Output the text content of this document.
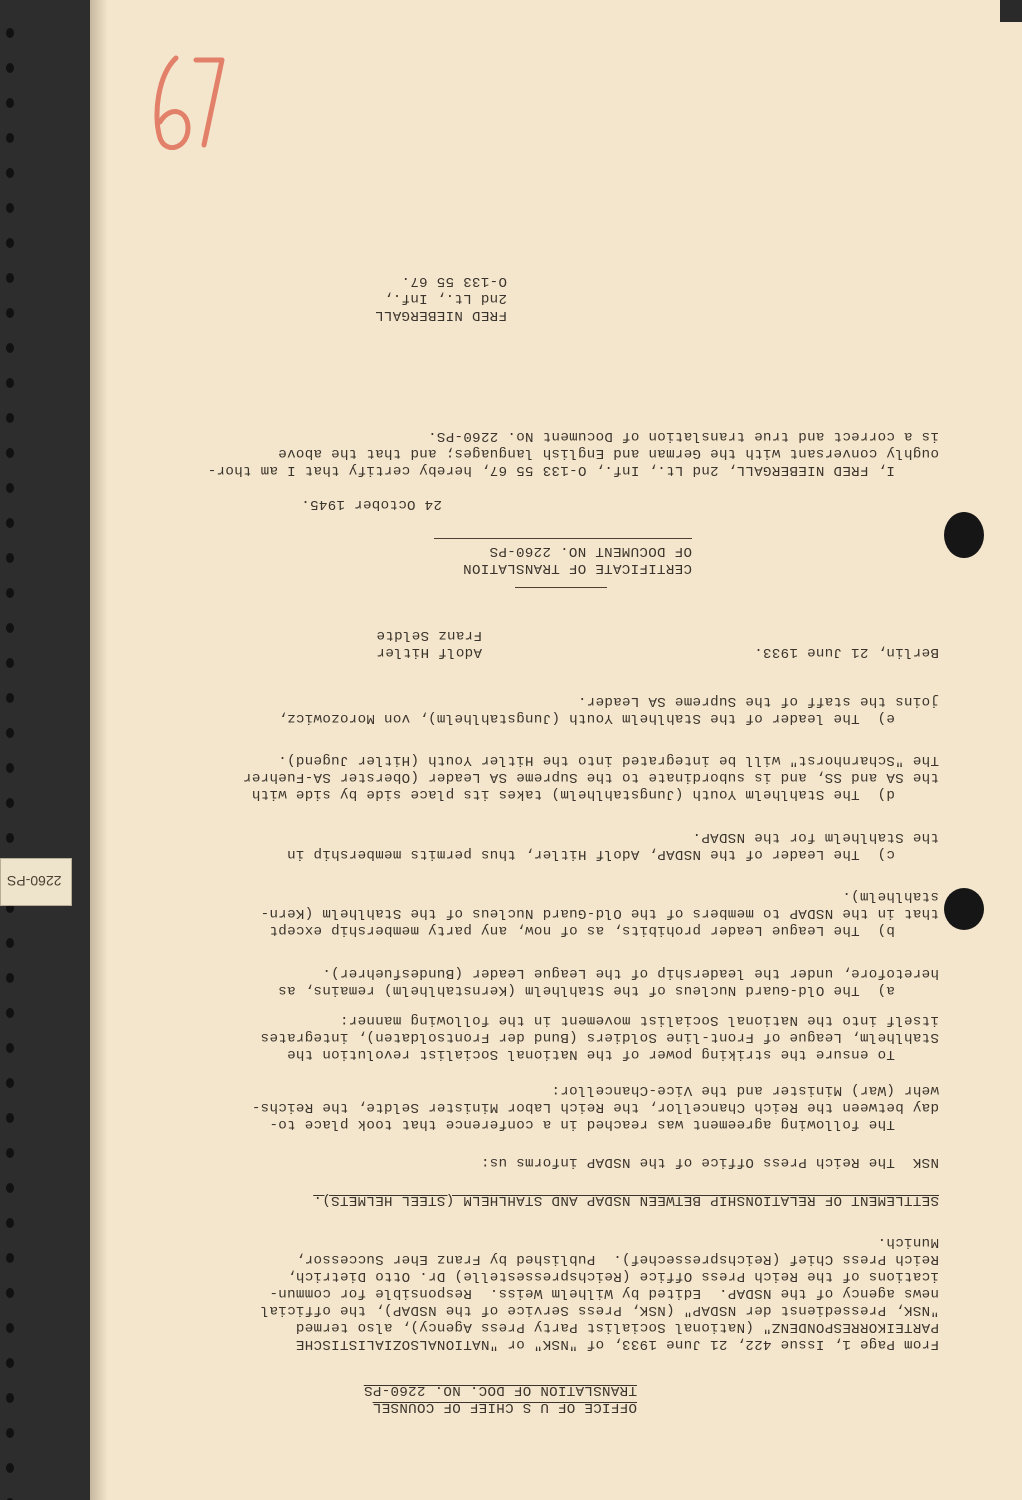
2260-PS
OFFICE OF U S CHIEF OF COUNSEL
TRANSLATION OF DOC. NO. 2260-PS
From Page 1, Issue 422, 21 June 1933, of "NSK" or "NATIONALSOZIALISTISCHE
PARTEIKORRESPONDENZ" (National Socialist Party Press Agency), also termed
"NSK, Pressedienst der NSDAP" (NSK, Press Service of the NSDAP), the official
news agency of the NSDAP.  Edited by Wilhelm Weiss.  Responsible for commun-
ications of the Reich Press Office (Reichspressestelle) Dr. Otto Dietrich,
Reich Press Chief (Reichspressechef).  Published by Franz Eher Successor,
Munich.
SETTLEMENT OF RELATIONSHIP BETWEEN NSDAP AND STAHLHELM (STEEL HELMETS).
NSK  The Reich Press Office of the NSDAP informs us:
The following agreement was reached in a conference that took place to-
day between the Reich Chancellor, the Reich Labor Minister Seldte, the Reichs-
wehr (War) Minister and the Vice-Chancellor:
To ensure the striking power of the National Socialist revolution the
Stahlhelm, League of Front-line Soldiers (Bund der Frontsoldaten), integrates
itself into the National Socialist movement in the following manner:
a)  The Old-Guard Nucleus of the Stahlhelm (Kernstahlhelm) remains, as
heretofore, under the leadership of the League Leader (Bundesfuehrer).
b)  The League Leader prohibits, as of now, any party membership except
that in the NSDAP to members of the Old-Guard Nucleus of the Stahlhelm (Kern-
stahlhelm).
c)  The Leader of the NSDAP, Adolf Hitler, thus permits membership in
the Stahlhelm for the NSDAP.
d)  The Stahlhelm Youth (Jungstahlhelm) takes its place side by side with
the SA and SS, and is subordinate to the Supreme SA Leader (Oberster SA-Fuehrer
The "Scharnhorst" will be integrated into the Hitler Youth (Hitler Jugend).
e)  The leader of the Stahlhelm Youth (Jungstahlhelm), von Morozowicz,
joins the staff of the Supreme SA Leader.
Berlin, 21 June 1933.
Adolf Hitler
Franz Seldte
CERTIFICATE OF TRANSLATION
OF DOCUMENT NO. 2260-PS
24 October 1945.
I, FRED NIEBERGALL, 2nd Lt., Inf., O-133 55 67, hereby certify that I am thor-
oughly conversant with the German and English languages; and that the above
is a correct and true translation of Document No. 2260-PS.
FRED NIEBERGALL
2nd Lt., Inf.,
O-133 55 67.
